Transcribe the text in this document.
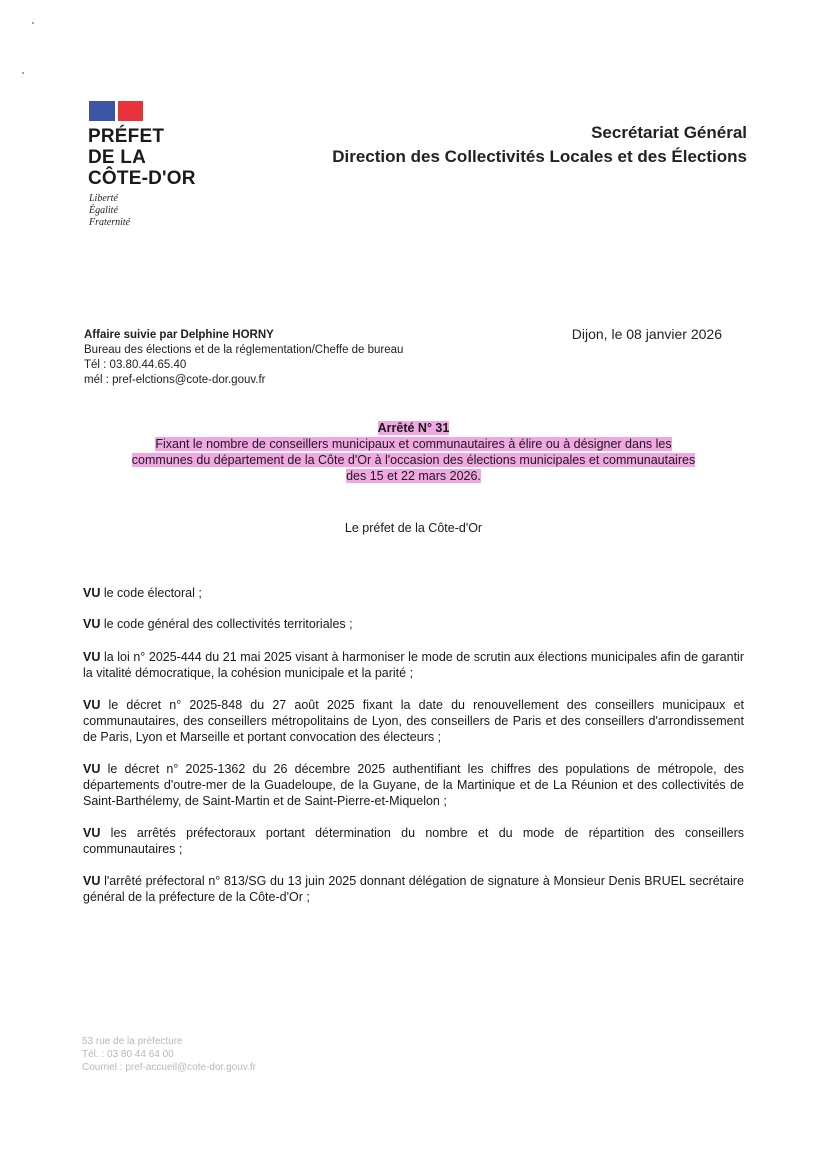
PRÉFET
DE LA
CÔTE-D'OR
Liberté
Égalité
Fraternité
Secrétariat Général
Direction des Collectivités Locales et des Élections
Affaire suivie par Delphine HORNY
Bureau des élections et de la réglementation/Cheffe de bureau
Tél : 03.80.44.65.40
mél : pref-elctions@cote-dor.gouv.fr
Dijon, le 08 janvier 2026
Arrêté N° 31
Fixant le nombre de conseillers municipaux et communautaires à élire ou à désigner dans les
communes du département de la Côte d'Or à l'occasion des élections municipales et communautaires
des 15 et 22 mars 2026.
Le préfet de la Côte-d'Or
VU le code électoral ;
VU le code général des collectivités territoriales ;
VU la loi n° 2025-444 du 21 mai 2025 visant à harmoniser le mode de scrutin aux élections municipales afin de garantir la vitalité démocratique, la cohésion municipale et la parité ;
VU le décret n° 2025-848 du 27 août 2025 fixant la date du renouvellement des conseillers municipaux et communautaires, des conseillers métropolitains de Lyon, des conseillers de Paris et des conseillers d'arrondissement de Paris, Lyon et Marseille et portant convocation des électeurs ;
VU le décret n° 2025-1362 du 26 décembre 2025 authentifiant les chiffres des populations de métropole, des départements d'outre-mer de la Guadeloupe, de la Guyane, de la Martinique et de La Réunion et des collectivités de Saint-Barthélemy, de Saint-Martin et de Saint-Pierre-et-Miquelon ;
VU les arrêtés préfectoraux portant détermination du nombre et du mode de répartition des conseillers communautaires ;
VU l'arrêté préfectoral n° 813/SG du 13 juin 2025 donnant délégation de signature à Monsieur Denis BRUEL secrétaire général de la préfecture de la Côte-d'Or ;
53 rue de la préfecture
Tél. : 03 80 44 64 00
Courriel : pref-accueil@cote-dor.gouv.fr
